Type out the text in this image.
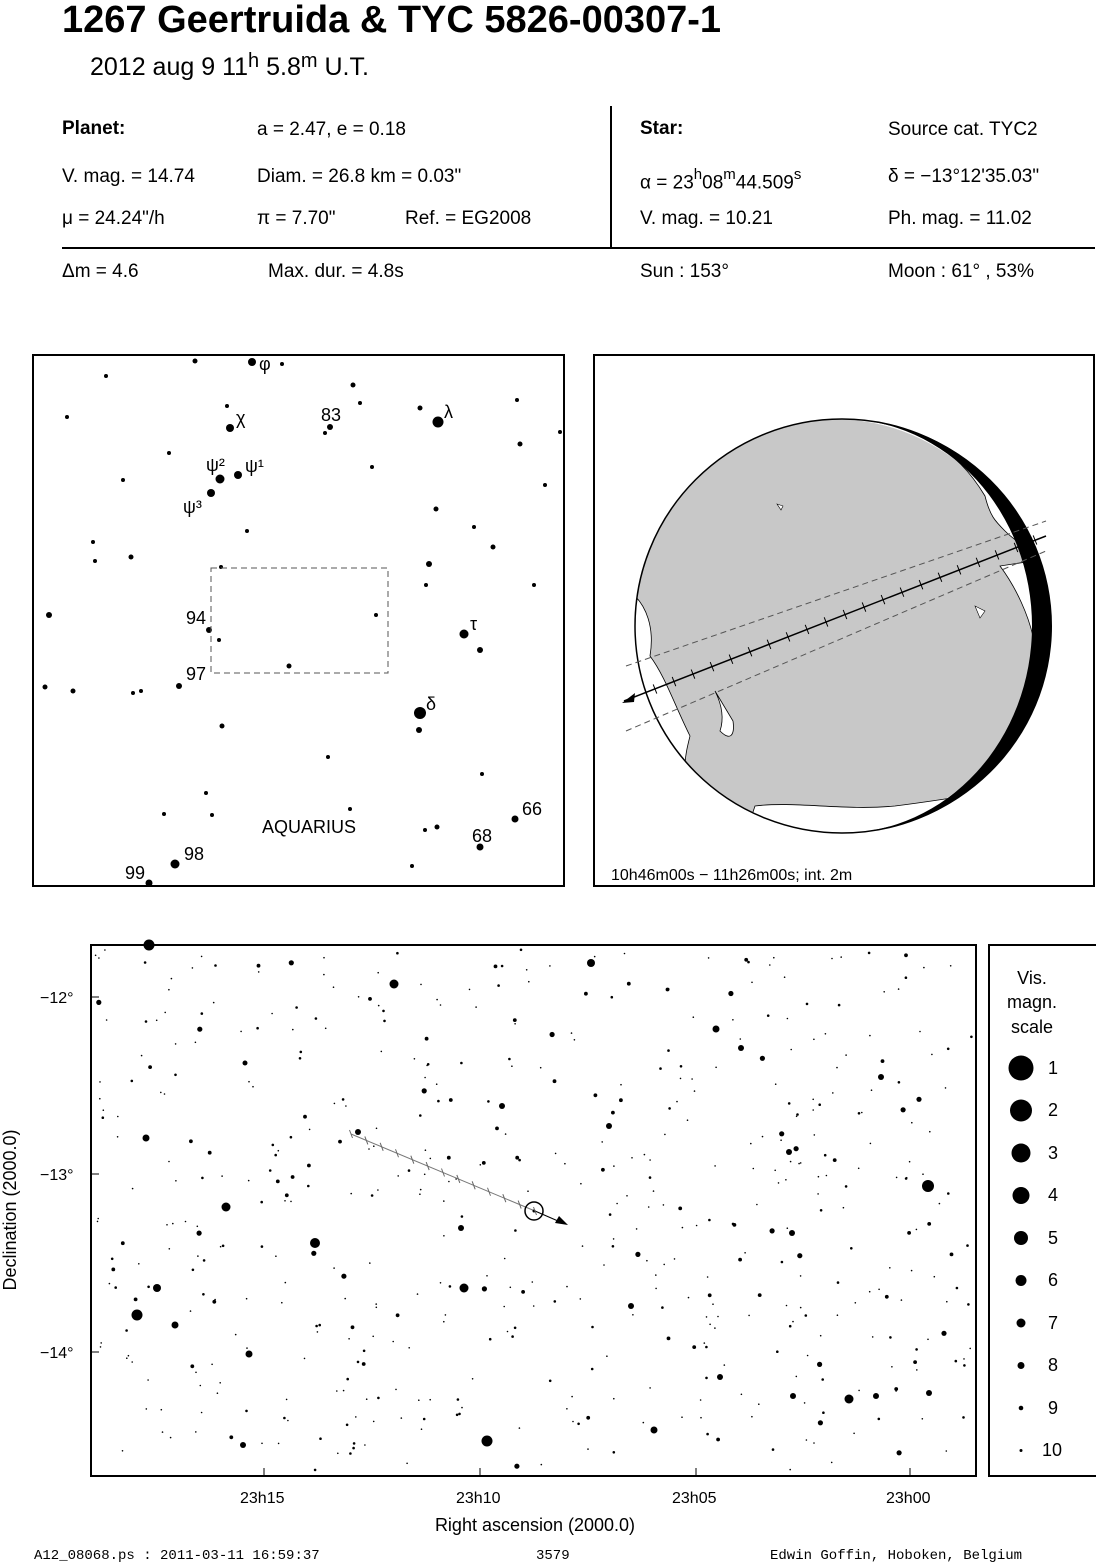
1267 Geertruida & TYC 5826-00307-1
2012 aug 9 11$^h$ 5.8$^m$ U.T.
Planet:	a = 2.47, e = 0.18
V. mag. = 14.74	Diam. = 26.8 km = 0.03"
μ = 24.24"/h	π = 7.70"	Ref. = EG2008
Star:	Source cat. TYC2
$\alpha = 23^h08^m44.509^s$	δ = −13°12'35.03"
V. mag. = 10.21	Ph. mag. = 11.02
Δm = 4.6	Max. dur. = 4.8s	Sun : 153°	Moon : 61° , 53%
φ
χ	83	λ
ψ² ψ¹
ψ³
94	τ
97
δ
66
68
98
99
AQUARIUS
10h46m00s − 11h26m00s; int. 2m
−12°
−13°
−14°
23h15	23h10	23h05	23h00
Right ascension (2000.0)
Declination (2000.0)
Vis.
magn.
scale
1
2
3
4
5
6
7
8
9
10
A12_08068.ps : 2011-03-11 16:59:37	3579	Edwin Goffin, Hoboken, Belgium
